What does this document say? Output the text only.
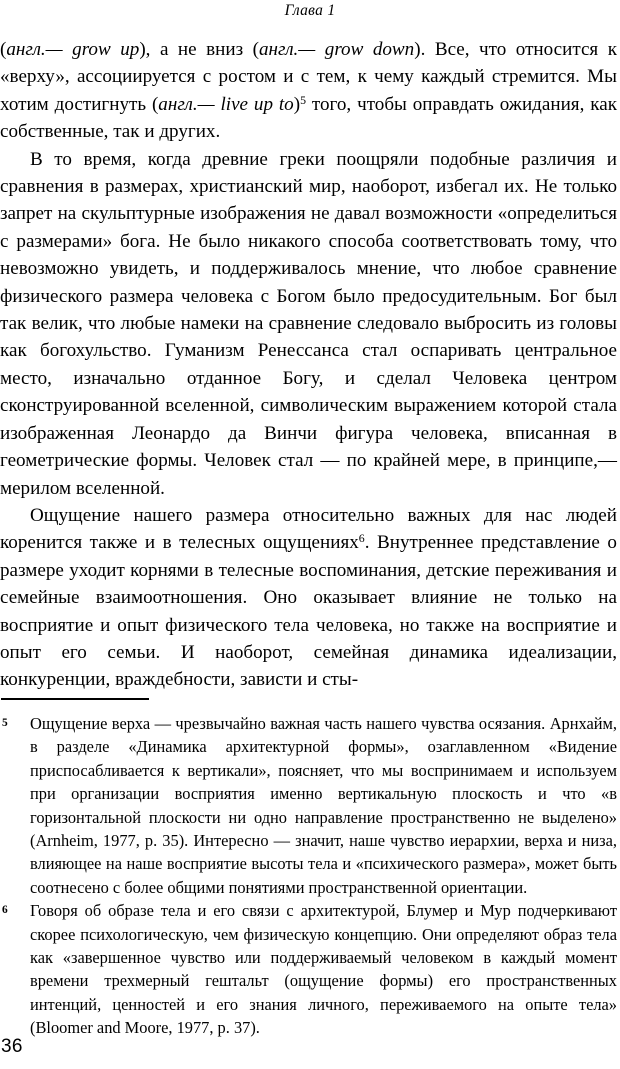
Глава 1

(англ.— grow up), а не вниз (англ.— grow down). Все, что относится к «верху», ассоциируется с ростом и с тем, к чему каждый стремится. Мы хотим достигнуть (англ.— live up to)$^5$ того, чтобы оправдать ожидания, как собственные, так и других.

В то время, когда древние греки поощряли подобные различия и сравнения в размерах, христианский мир, наоборот, избегал их. Не только запрет на скульптурные изображения не давал возможности «определиться с размерами» бога. Не было никакого способа соответствовать тому, что невозможно увидеть, и поддерживалось мнение, что любое сравнение физического размера человека с Богом было предосудительным. Бог был так велик, что любые намеки на сравнение следовало выбросить из головы как богохульство. Гуманизм Ренессанса стал оспаривать центральное место, изначально отданное Богу, и сделал Человека центром сконструированной вселенной, символическим выражением которой стала изображенная Леонардо да Винчи фигура человека, вписанная в геометрические формы. Человек стал — по крайней мере, в принципе,— мерилом вселенной.

Ощущение нашего размера относительно важных для нас людей коренится также и в телесных ощущениях$^6$. Внутреннее представление о размере уходит корнями в телесные воспоминания, детские переживания и семейные взаимоотношения. Оно оказывает влияние не только на восприятие и опыт физического тела человека, но также на восприятие и опыт его семьи. И наоборот, семейная динамика идеализации, конкуренции, враждебности, зависти и сты-

5 Ощущение верха — чрезвычайно важная часть нашего чувства осязания. Арнхайм, в разделе «Динамика архитектурной формы», озаглавленном «Видение приспосабливается к вертикали», поясняет, что мы воспринимаем и используем при организации восприятия именно вертикальную плоскость и что «в горизонтальной плоскости ни одно направление пространственно не выделено» (Arnheim, 1977, p. 35). Интересно — значит, наше чувство иерархии, верха и низа, влияющее на наше восприятие высоты тела и «психического размера», может быть соотнесено с более общими понятиями пространственной ориентации.
6 Говоря об образе тела и его связи с архитектурой, Блумер и Мур подчеркивают скорее психологическую, чем физическую концепцию. Они определяют образ тела как «завершенное чувство или поддерживаемый человеком в каждый момент времени трехмерный гештальт (ощущение формы) его пространственных интенций, ценностей и его знания личного, переживаемого на опыте тела» (Bloomer and Moore, 1977, p. 37).
36
